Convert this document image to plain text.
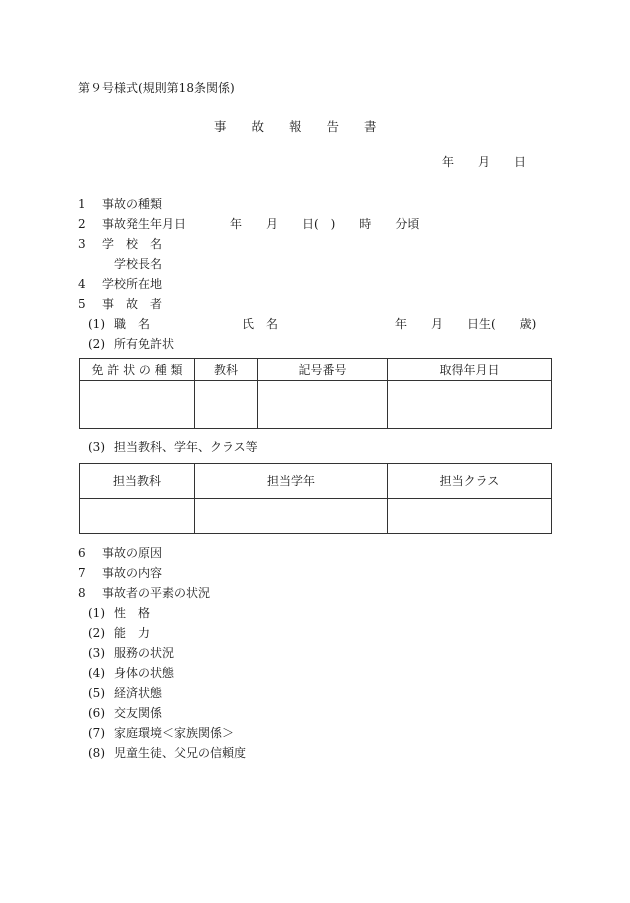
第９号様式(規則第18条関係)
事　　故　　報　　告　　書
年　　月　　日
1 事故の種類
2 事故発生年月日	年　　月　　日(　)　　時　　分頃
3 学　校　名
学校長名
4 学校所在地
5 事　故　者
(1) 職　名	氏　名	年　　月　　日生(　　歳)
(2) 所有免許状
免 許 状 の 種 類	教科	記号番号	取得年月日

(3) 担当教科、学年、クラス等
担当教科	担当学年	担当クラス

6 事故の原因
7 事故の内容
8 事故者の平素の状況
(1) 性　格
(2) 能　力
(3) 服務の状況
(4) 身体の状態
(5) 経済状態
(6) 交友関係
(7) 家庭環境＜家族関係＞
(8) 児童生徒、父兄の信頼度
